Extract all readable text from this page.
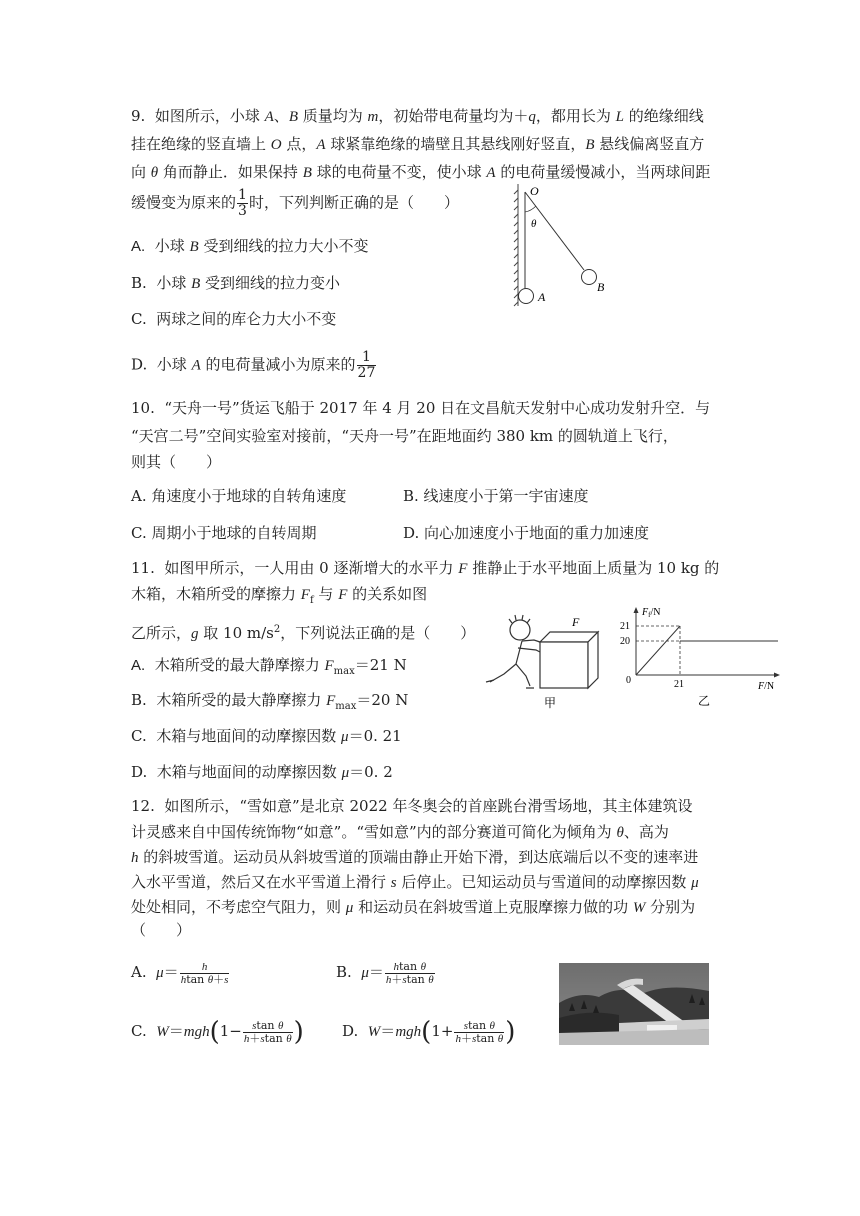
9.  如图所示，小球 A、B 质量均为 m，初始带电荷量均为＋q，都用长为 L 的绝缘细线
挂在绝缘的竖直墙上 O 点，A 球紧靠绝缘的墙壁且其悬线刚好竖直，B 悬线偏离竖直方
向 θ 角而静止．如果保持 B 球的电荷量不变，使小球 A 的电荷量缓慢减小，当两球间距
缓慢变为原来的 $\frac{1}{3}$ 时，下列判断正确的是（　　）
A.  小球 B 受到细线的拉力大小不变
B.  小球 B 受到细线的拉力变小
C.  两球之间的库仑力大小不变
D.  小球 A 的电荷量减小为原来的 $\frac{1}{27}$
O
θ
A
B
10.  “天舟一号”货运飞船于 2017 年 4 月 20 日在文昌航天发射中心成功发射升空．与
“天宫二号”空间实验室对接前，“天舟一号”在距地面约 380 km 的圆轨道上飞行，
则其（　　）
A. 角速度小于地球的自转角速度	B. 线速度小于第一宇宙速度
C. 周期小于地球的自转周期	D. 向心加速度小于地面的重力加速度
11.  如图甲所示，一人用由 0 逐渐增大的水平力 F 推静止于水平地面上质量为 10 kg 的
木箱，木箱所受的摩擦力 $F_f$ 与 F 的关系如图
乙所示，g 取 10 $m/s^2$，下列说法正确的是（　　）
A.  木箱所受的最大静摩擦力 $F_{max}=21$ N
B.  木箱所受的最大静摩擦力 $F_{max}=20$ N
C.  木箱与地面间的动摩擦因数 μ＝0. 21
D.  木箱与地面间的动摩擦因数 μ＝0. 2
F
甲
21
20
21
0
$F_f/N$
F/N
乙
12.  如图所示，“雪如意”是北京 2022 年冬奥会的首座跳台滑雪场地，其主体建筑设
计灵感来自中国传统饰物“如意”。“雪如意”内的部分赛道可简化为倾角为 θ、高为
h 的斜坡雪道。运动员从斜坡雪道的顶端由静止开始下滑，到达底端后以不变的速率进
入水平雪道，然后又在水平雪道上滑行 s 后停止。已知运动员与雪道间的动摩擦因数 μ
处处相同，不考虑空气阻力，则 μ 和运动员在斜坡雪道上克服摩擦力做的功 W 分别为
（　　）
A.  $\mu= \frac{h}{\text{htan θ＋s}}$	B.  $\mu= \frac{\text{htan θ}}{\text{h＋stan θ}}$
C.  $W=mgh(1- \frac{\text{stan θ}}{\text{h＋stan θ}}$ )	D.  $W=mgh(1+ \frac{\text{stan θ}}{\text{h＋stan θ}}$ )
